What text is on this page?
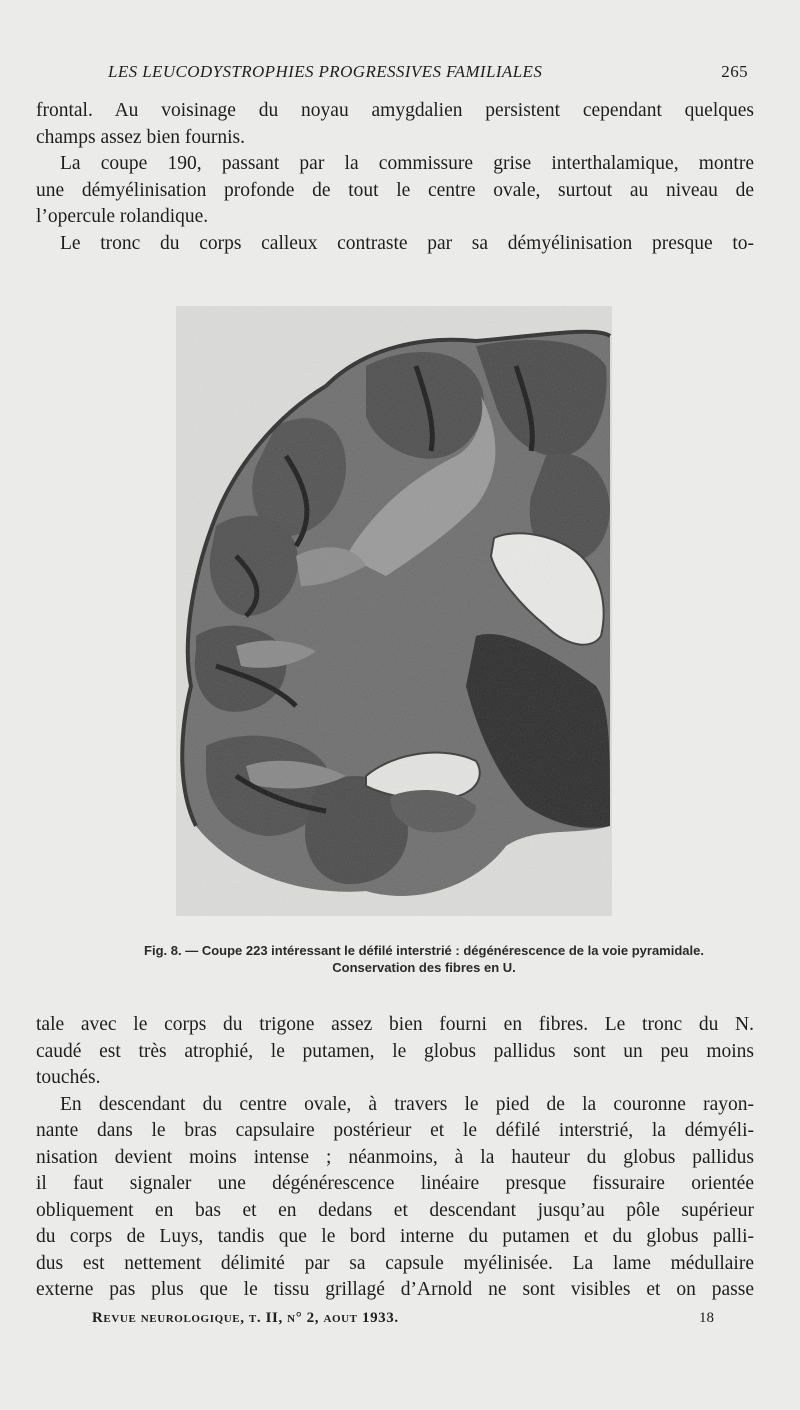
LES LEUCODYSTROPHIES PROGRESSIVES FAMILIALES	265

frontal. Au voisinage du noyau amygdalien persistent cependant quelques
champs assez bien fournis.

La coupe 190, passant par la commissure grise interthalamique, montre
une démyélinisation profonde de tout le centre ovale, surtout au niveau de
l’opercule rolandique.

Le tronc du corps calleux contraste par sa démyélinisation presque to-

Fig. 8. — Coupe 223 intéressant le défilé interstrié : dégénérescence de la voie pyramidale.
Conservation des fibres en U.

tale avec le corps du trigone assez bien fourni en fibres. Le tronc du N.
caudé est très atrophié, le putamen, le globus pallidus sont un peu moins
touchés.

En descendant du centre ovale, à travers le pied de la couronne rayon-
nante dans le bras capsulaire postérieur et le défilé interstrié, la démyéli-
nisation devient moins intense ; néanmoins, à la hauteur du globus pallidus
il faut signaler une dégénérescence linéaire presque fissuraire orientée
obliquement en bas et en dedans et descendant jusqu’au pôle supérieur
du corps de Luys, tandis que le bord interne du putamen et du globus palli-
dus est nettement délimité par sa capsule myélinisée. La lame médullaire
externe pas plus que le tissu grillagé d’Arnold ne sont visibles et on passe

Revue neurologique, t. II, n° 2, aout 1933.	18
